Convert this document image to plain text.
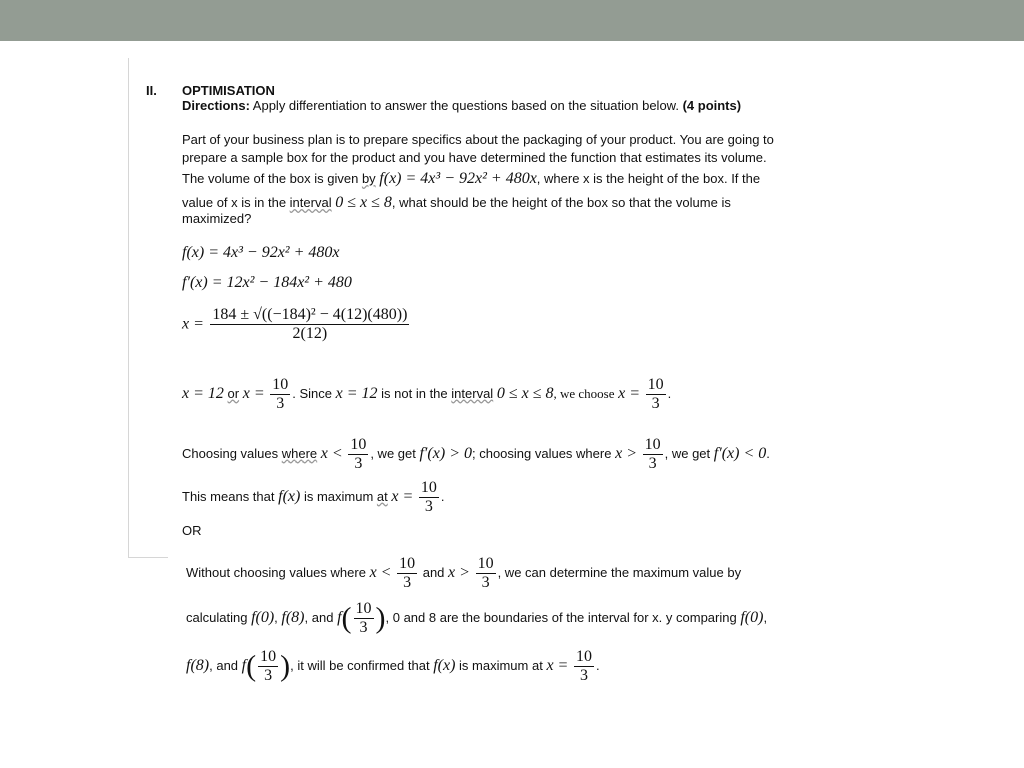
II. OPTIMISATION
Directions: Apply differentiation to answer the questions based on the situation below. (4 points)
Part of your business plan is to prepare specifics about the packaging of your product. You are going to
prepare a sample box for the product and you have determined the function that estimates its volume.
The volume of the box is given by f(x) = 4x³ − 92x² + 480x, where x is the height of the box. If the
value of x is in the interval 0 ≤ x ≤ 8, what should be the height of the box so that the volume is
maximized?
f(x) = 4x³ − 92x² + 480x
f′(x) = 12x² − 184x² + 480
$x = \frac{\text{184 ± √((−184)² − 4(12)(480))}}{2(12)}$
x = 12 or $x = \frac{10}{3}$ . Since x = 12 is not in the interval 0 ≤ x ≤ 8, we choose $x = \frac{10}{3}$ .
Choosing values where $x < \frac{10}{3}$ , we get f′(x) > 0; choosing values where $x > \frac{10}{3}$ , we get f′(x) < 0.
This means that f(x) is maximum at $x = \frac{10}{3}$ .
OR
Without choosing values where $x < \frac{10}{3}$ and $x > \frac{10}{3}$ , we can determine the maximum value by
calculating f(0), f(8), and $f( \frac{10}{3}$ ), 0 and 8 are the boundaries of the interval for x. y comparing f(0),
f(8), and $f( \frac{10}{3}$ ), it will be confirmed that f(x) is maximum at $x = \frac{10}{3}$ .
